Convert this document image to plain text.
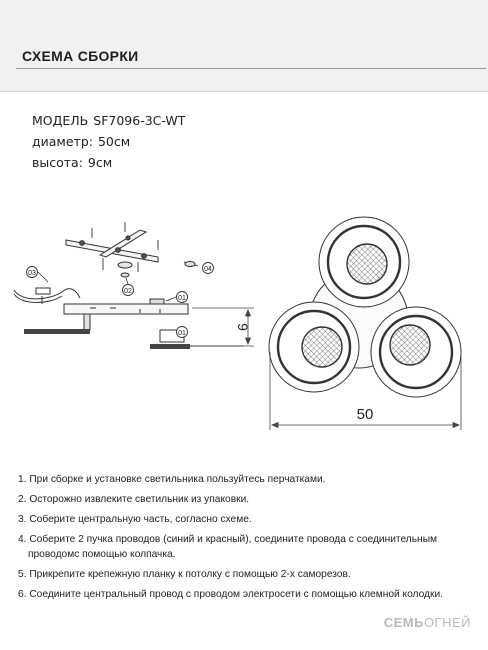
СХЕМА СБОРКИ
МОДЕЛЬ SF7096-3C-WT
диаметр: 50см
высота: 9см
03
02
01
04
01
9
50
1. При сборке и установке светильника пользуйтесь перчатками.
2. Осторожно извлеките светильник из упаковки.
3. Соберите центральную часть, согласно схеме.
4. Соберите 2 пучка проводов (синий и красный), соединитe провода с соединительным
проводомс помощью колпачка.
5. Прикрепите крепежную планку к потолку с помощью 2-х саморезов.
6. Соедините центральный провод с проводом электросети с помощью клемной колодки.
СЕМЬОГНЕЙ
